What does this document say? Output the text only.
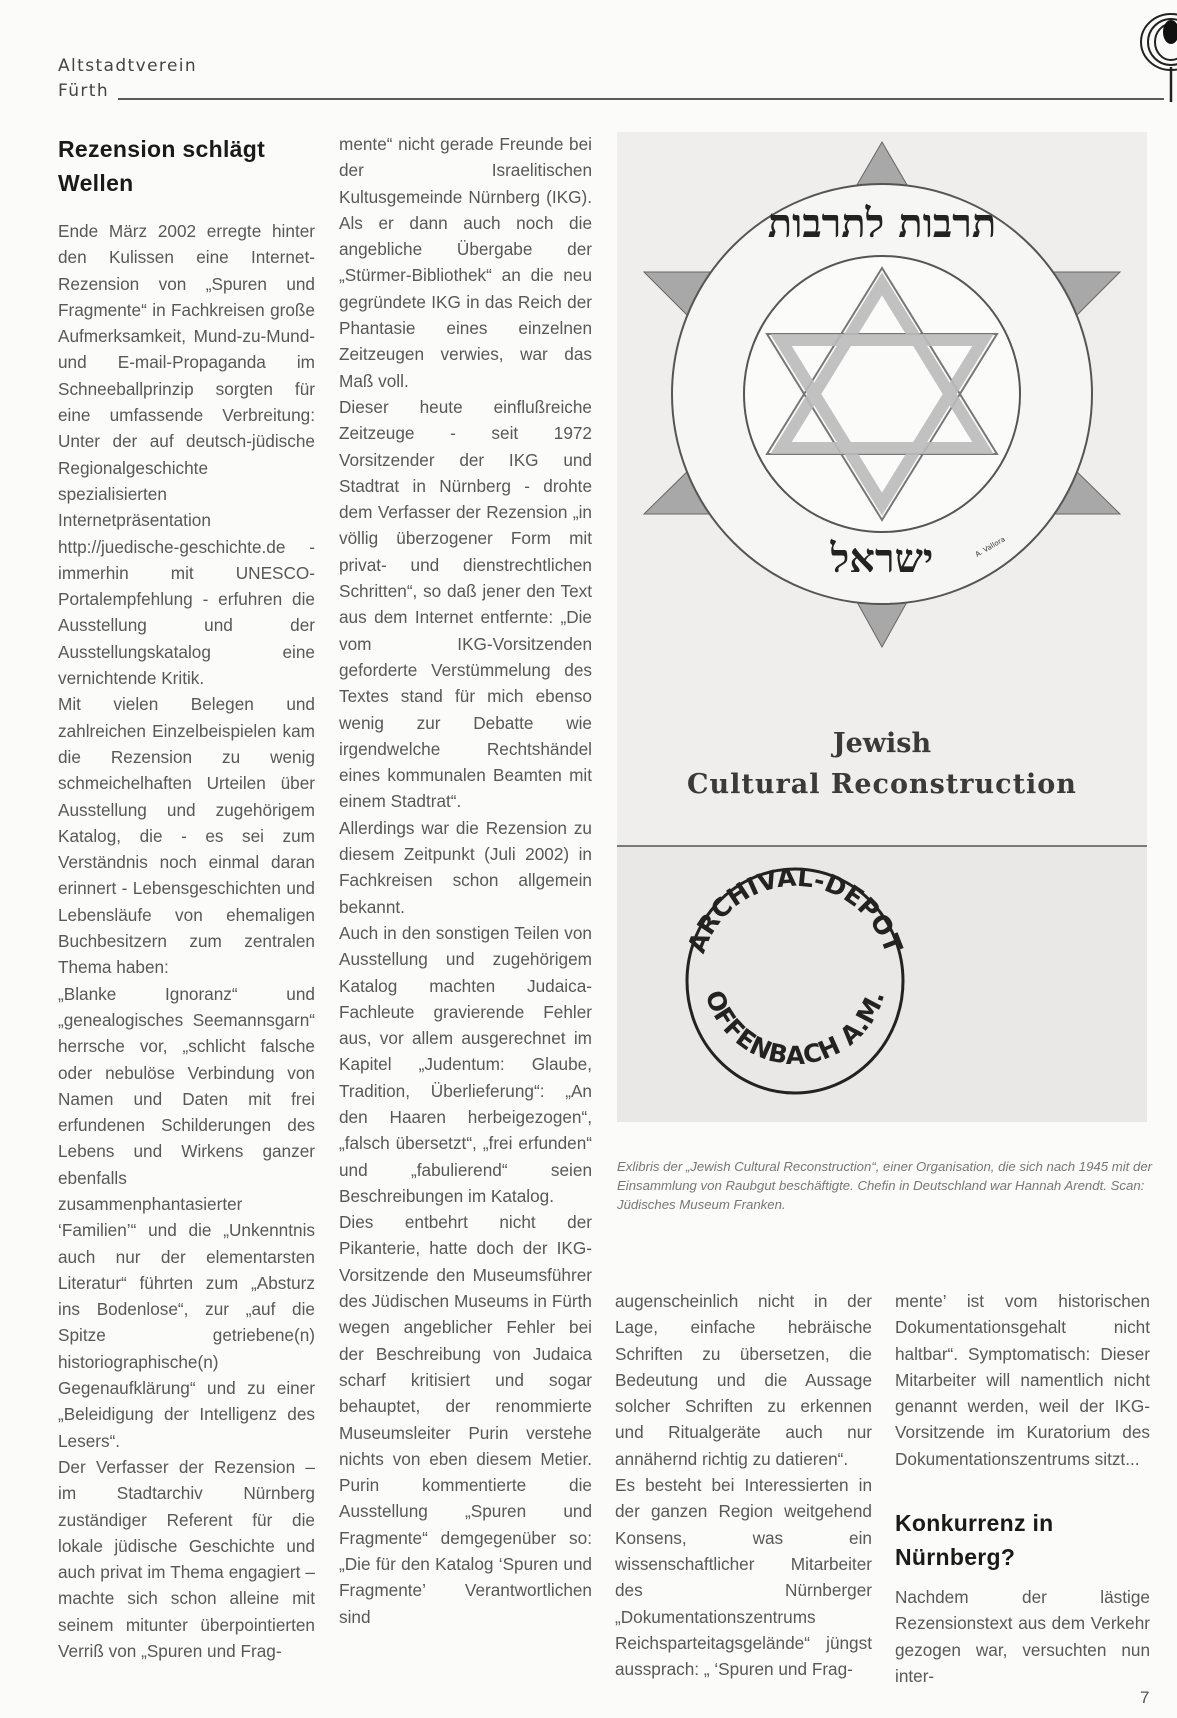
Altstadtverein
Fürth
Rezension schlägt Wellen

Ende März 2002 erregte hinter den Kulissen eine Internet-Rezension von „Spuren und Fragmente“ in Fachkreisen große Aufmerksamkeit, Mund-zu-Mund- und E-mail-Propaganda im Schneeballprinzip sorgten für eine umfassende Verbreitung: Unter der auf deutsch-jüdische Regionalgeschichte spezialisierten Internetpräsentation http://juedische-geschichte.de - immerhin mit UNESCO-Portalempfehlung - erfuhren die Ausstellung und der Ausstellungskatalog eine vernichtende Kritik.

Mit vielen Belegen und zahlreichen Einzelbeispielen kam die Rezension zu wenig schmeichelhaften Urteilen über Ausstellung und zugehörigem Katalog, die - es sei zum Verständnis noch einmal daran erinnert - Lebensgeschichten und Lebensläufe von ehemaligen Buchbesitzern zum zentralen Thema haben:

„Blanke Ignoranz“ und „genealogisches Seemannsgarn“ herrsche vor, „schlicht falsche oder nebulöse Verbindung von Namen und Daten mit frei erfundenen Schilderungen des Lebens und Wirkens ganzer ebenfalls zusammenphantasierter ‘Familien’“ und die „Unkenntnis auch nur der elementarsten Literatur“ führten zum „Absturz ins Bodenlose“, zur „auf die Spitze getriebene(n) historiographische(n) Gegenaufklärung“ und zu einer „Beleidigung der Intelligenz des Lesers“.

Der Verfasser der Rezension – im Stadtarchiv Nürnberg zuständiger Referent für die lokale jüdische Geschichte und auch privat im Thema engagiert – machte sich schon alleine mit seinem mitunter überpointierten Verriß von „Spuren und Frag-

mente“ nicht gerade Freunde bei der Israelitischen Kultusgemeinde Nürnberg (IKG). Als er dann auch noch die angebliche Übergabe der „Stürmer-Bibliothek“ an die neu gegründete IKG in das Reich der Phantasie eines einzelnen Zeitzeugen verwies, war das Maß voll.

Dieser heute einflußreiche Zeitzeuge - seit 1972 Vorsitzender der IKG und Stadtrat in Nürnberg - drohte dem Verfasser der Rezension „in völlig überzogener Form mit privat- und dienstrechtlichen Schritten“, so daß jener den Text aus dem Internet entfernte: „Die vom IKG-Vorsitzenden geforderte Verstümmelung des Textes stand für mich ebenso wenig zur Debatte wie irgendwelche Rechtshändel eines kommunalen Beamten mit einem Stadtrat“.

Allerdings war die Rezension zu diesem Zeitpunkt (Juli 2002) in Fachkreisen schon allgemein bekannt.

Auch in den sonstigen Teilen von Ausstellung und zugehörigem Katalog machten Judaica-Fachleute gravierende Fehler aus, vor allem ausgerechnet im Kapitel „Judentum: Glaube, Tradition, Überlieferung“: „An den Haaren herbeigezogen“, „falsch übersetzt“, „frei erfunden“ und „fabulierend“ seien Beschreibungen im Katalog.

Dies entbehrt nicht der Pikanterie, hatte doch der IKG-Vorsitzende den Museumsführer des Jüdischen Museums in Fürth wegen angeblicher Fehler bei der Beschreibung von Judaica scharf kritisiert und sogar behauptet, der renommierte Museumsleiter Purin verstehe nichts von eben diesem Metier. Purin kommentierte die Ausstellung „Spuren und Fragmente“ demgegenüber so: „Die für den Katalog ‘Spuren und Fragmente’ Verantwortlichen sind

תרבות לתרבות
ישראל	A. Vallora
Jewish
Cultural Reconstruction
ARCHIVAL-DEPOT
OFFENBACH A.M.
Exlibris der „Jewish Cultural Reconstruction“, einer Organisation, die sich nach 1945 mit der Einsammlung von Raubgut beschäftigte. Chefin in Deutschland war Hannah Arendt. Scan: Jüdisches Museum Franken.

augenscheinlich nicht in der Lage, einfache hebräische Schriften zu übersetzen, die Bedeutung und die Aussage solcher Schriften zu erkennen und Ritualgeräte auch nur annähernd richtig zu datieren“.

Es besteht bei Interessierten in der ganzen Region weitgehend Konsens, was ein wissenschaftlicher Mitarbeiter des Nürnberger „Dokumentationszentrums Reichsparteitagsgelände“ jüngst aussprach: „ ‘Spuren und Frag-

mente’ ist vom historischen Dokumentationsgehalt nicht haltbar“. Symptomatisch: Dieser Mitarbeiter will namentlich nicht genannt werden, weil der IKG-Vorsitzende im Kuratorium des Dokumentationszentrums sitzt...

Konkurrenz in Nürnberg?

Nachdem der lästige Rezensionstext aus dem Verkehr gezogen war, versuchten nun inter-

7
